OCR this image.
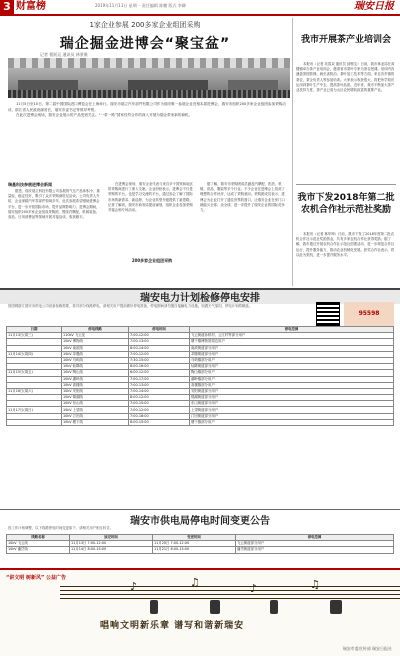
3 财富榜	2019年11月11日 星期一 责任编辑 陈鹏 版式 李卿	瑞安日报
1家企业参展 200多家企业组团采购
瑞企掘金进博会“聚宝盆”
记者 曹跃运 通讯员 林景维
11月5日至10日，第二届中国国际进口博览会在上海举行。瑞安市瑞立汽车部件有限公司作为瑞安唯一参展企业亮相本届进博会，瑞安市组织200多家企业组团参加采购洽谈，浙江省人民政府副省长，瑞安市委书记等领导考察。
在此次进博会现场，瑞安企业展示的产品受到关注。“一带一路”国家经贸合作的深入开展为瑞企带来新的商机。
瑞基科技参展进博会新闻
据悉，瑞安瑞立科技有限公司参展的气压产品体积小、重量轻、稳定性好，吸引了众多采购商驻足洽谈。公司负责人介绍，企业深耕汽车零部件领域多年，此次参展希望借助进博会平台，进一步开拓国际市场，提升品牌影响力。进博会期间，瑞安组织200多家企业组成采购团，围绕汽摩配、机械装备、食品、日用消费品等领域开展对接洽谈，收获颇丰。
在进博会现场，瑞安企业代表与来自多个国家和地区的采购商进行了深入交流。企业纷纷表示，进博会不仅是采购的平台，也是学习交流的平台，通过参会了解了国际市场的新需求、新趋势，为企业转型升级提供了新思路。记者了解到，瑞安市商务局提前谋划，组织企业参加采购对接会和专场活动。
200多家企业组团采购
据了解，瑞安市采购团成员涵盖汽摩配、医药、机械、食品、服装等多个行业。不少企业在进博会上找到了理想的合作伙伴，达成了采购意向。采购团成员表示，进博会为企业打开了通往世界的窗口，让瑞安企业在家门口就能买全球、卖全球，进一步提升了瑞安企业的国际竞争力。
我市开展茶产业培训会
本报讯（记者 吴春双 通讯员 邱锡宝）日前，我市林业局在高楼镇举办茶产业培训会，邀请省市茶叶专家为茶农授课。培训内容涵盖茶园管理、病虫害防治、茶叶加工技术等方面，来自各乡镇的茶农、茶企负责人等参加培训。大家表示收获很大，将把所学知识运用到茶叶生产中去，提高茶叶品质。近年来，我市不断加大茶产业扶持力度，茶产业已成为山区农民增收致富的重要产业。
我市下发2018年第二批农机合作社示范社奖励
本报讯（记者 林华坤）日前，我市下发了2018年度第二批农机合作社示范社奖励资金，共有多家农机合作社获得奖励。据了解，我市通过开展农机合作社示范社创建活动，进一步规范合作社运行，提升服务能力，推动农业机械化发展。获奖合作社表示，将以此为契机，进一步提升服务水平。
瑞安电力计划检修停电安排
因国网浙江瑞安市供电公司设备检修需要，将对部分线路停电。请相关用户提前做好停电准备，停电期间请勿擅自接触电力设施。如遇天气原因，停电计划将顺延。
95598
日期	停电线路	停电时间	停电范围
11月13日(周三)	110kV 飞云变	7:00-12:00	飞云街道孙桥村、云江村等部分用户
	10kV 博物线	7:00-13:00	塘下镇博物馆周边用户
	10kV 南滨线	8:00-14:00	南滨街道部分用户
11月14日(周四)	10kV 莘塍线	7:00-12:00	莘塍街道部分用户
	10kV 马屿线	7:30-15:00	马屿镇部分用户
	10kV 仙降线	8:00-16:00	仙降街道部分用户
11月15日(周五)	10kV 陶山线	6:00-12:00	陶山镇部分用户
	10kV 湖岭线	7:00-17:00	湖岭镇部分用户
	10kV 高楼线	7:00-13:00	高楼镇部分用户
11月16日(周六)	10kV 安阳线	7:00-14:00	安阳街道部分用户
	10kV 锦湖线	8:00-12:00	锦湖街道部分用户
	10kV 东山线	7:00-15:00	东山街道部分用户
11月17日(周日)	10kV 上望线	7:00-12:00	上望街道部分用户
	10kV 汀田线	7:00-16:00	汀田街道部分用户
	10kV 塘下线	8:00-15:00	塘下镇部分用户
瑞安市供电局停电时间变更公告
因工作计划调整，以下线路停电时间变更如下，请相关用户相互转告。
线路名称	原定时间	变更时间	停电范围
10kV 飞云线	11月13日 7:00-12:00	11月20日 7:00-12:00	飞云街道部分用户
10kV 潘岱线	11月14日 8:00-15:00	11月21日 8:00-15:00	潘岱街道部分用户
“讲文明 树新风” 公益广告
♪	♫	♪	♫
唱响文明新乐章 谱写和谐新瑞安
瑞安市委宣传部 瑞安日报社
